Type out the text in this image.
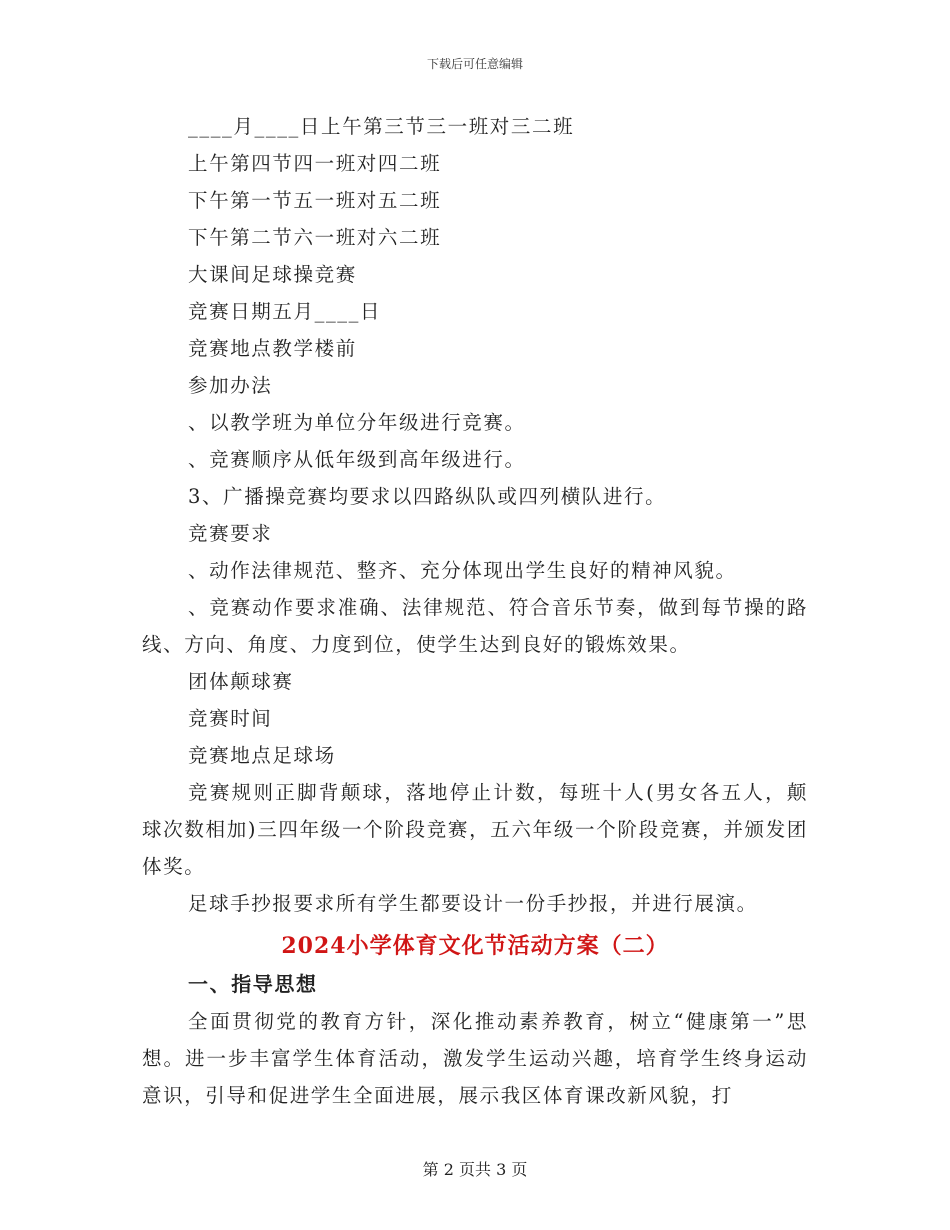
下载后可任意编辑

____月____日上午第三节三一班对三二班

上午第四节四一班对四二班

下午第一节五一班对五二班

下午第二节六一班对六二班

大课间足球操竞赛

竞赛日期五月____日

竞赛地点教学楼前

参加办法

、以教学班为单位分年级进行竞赛。

、竞赛顺序从低年级到高年级进行。

3、广播操竞赛均要求以四路纵队或四列横队进行。

竞赛要求

、动作法律规范、整齐、充分体现出学生良好的精神风貌。

、竞赛动作要求准确、法律规范、符合音乐节奏，做到每节操的路线、方向、角度、力度到位，使学生达到良好的锻炼效果。

团体颠球赛

竞赛时间

竞赛地点足球场

竞赛规则正脚背颠球，落地停止计数，每班十人(男女各五人，颠球次数相加)三四年级一个阶段竞赛，五六年级一个阶段竞赛，并颁发团体奖。

足球手抄报要求所有学生都要设计一份手抄报，并进行展演。

2024小学体育文化节活动方案（二）

一、指导思想

全面贯彻党的教育方针，深化推动素养教育，树立“健康第一”思想。进一步丰富学生体育活动，激发学生运动兴趣，培育学生终身运动意识，引导和促进学生全面进展，展示我区体育课改新风貌，打

第 2 页共 3 页
